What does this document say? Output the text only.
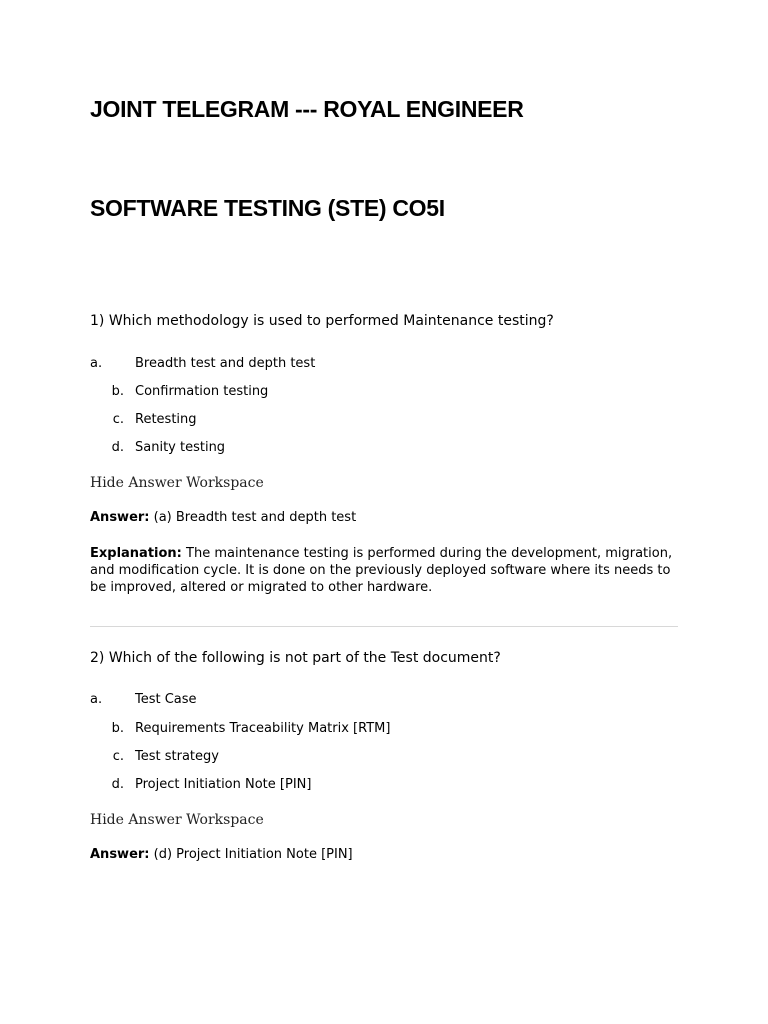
JOINT TELEGRAM --- ROYAL ENGINEER
SOFTWARE TESTING (STE) CO5I
1) Which methodology is used to performed Maintenance testing?
a.	Breadth test and depth test
b. Confirmation testing
c. Retesting
d. Sanity testing
Hide Answer Workspace
Answer: (a) Breadth test and depth test
Explanation: The maintenance testing is performed during the development, migration, and modification cycle. It is done on the previously deployed software where its needs to be improved, altered or migrated to other hardware.
2) Which of the following is not part of the Test document?
a.	Test Case
b. Requirements Traceability Matrix [RTM]
c. Test strategy
d. Project Initiation Note [PIN]
Hide Answer Workspace
Answer: (d) Project Initiation Note [PIN]
